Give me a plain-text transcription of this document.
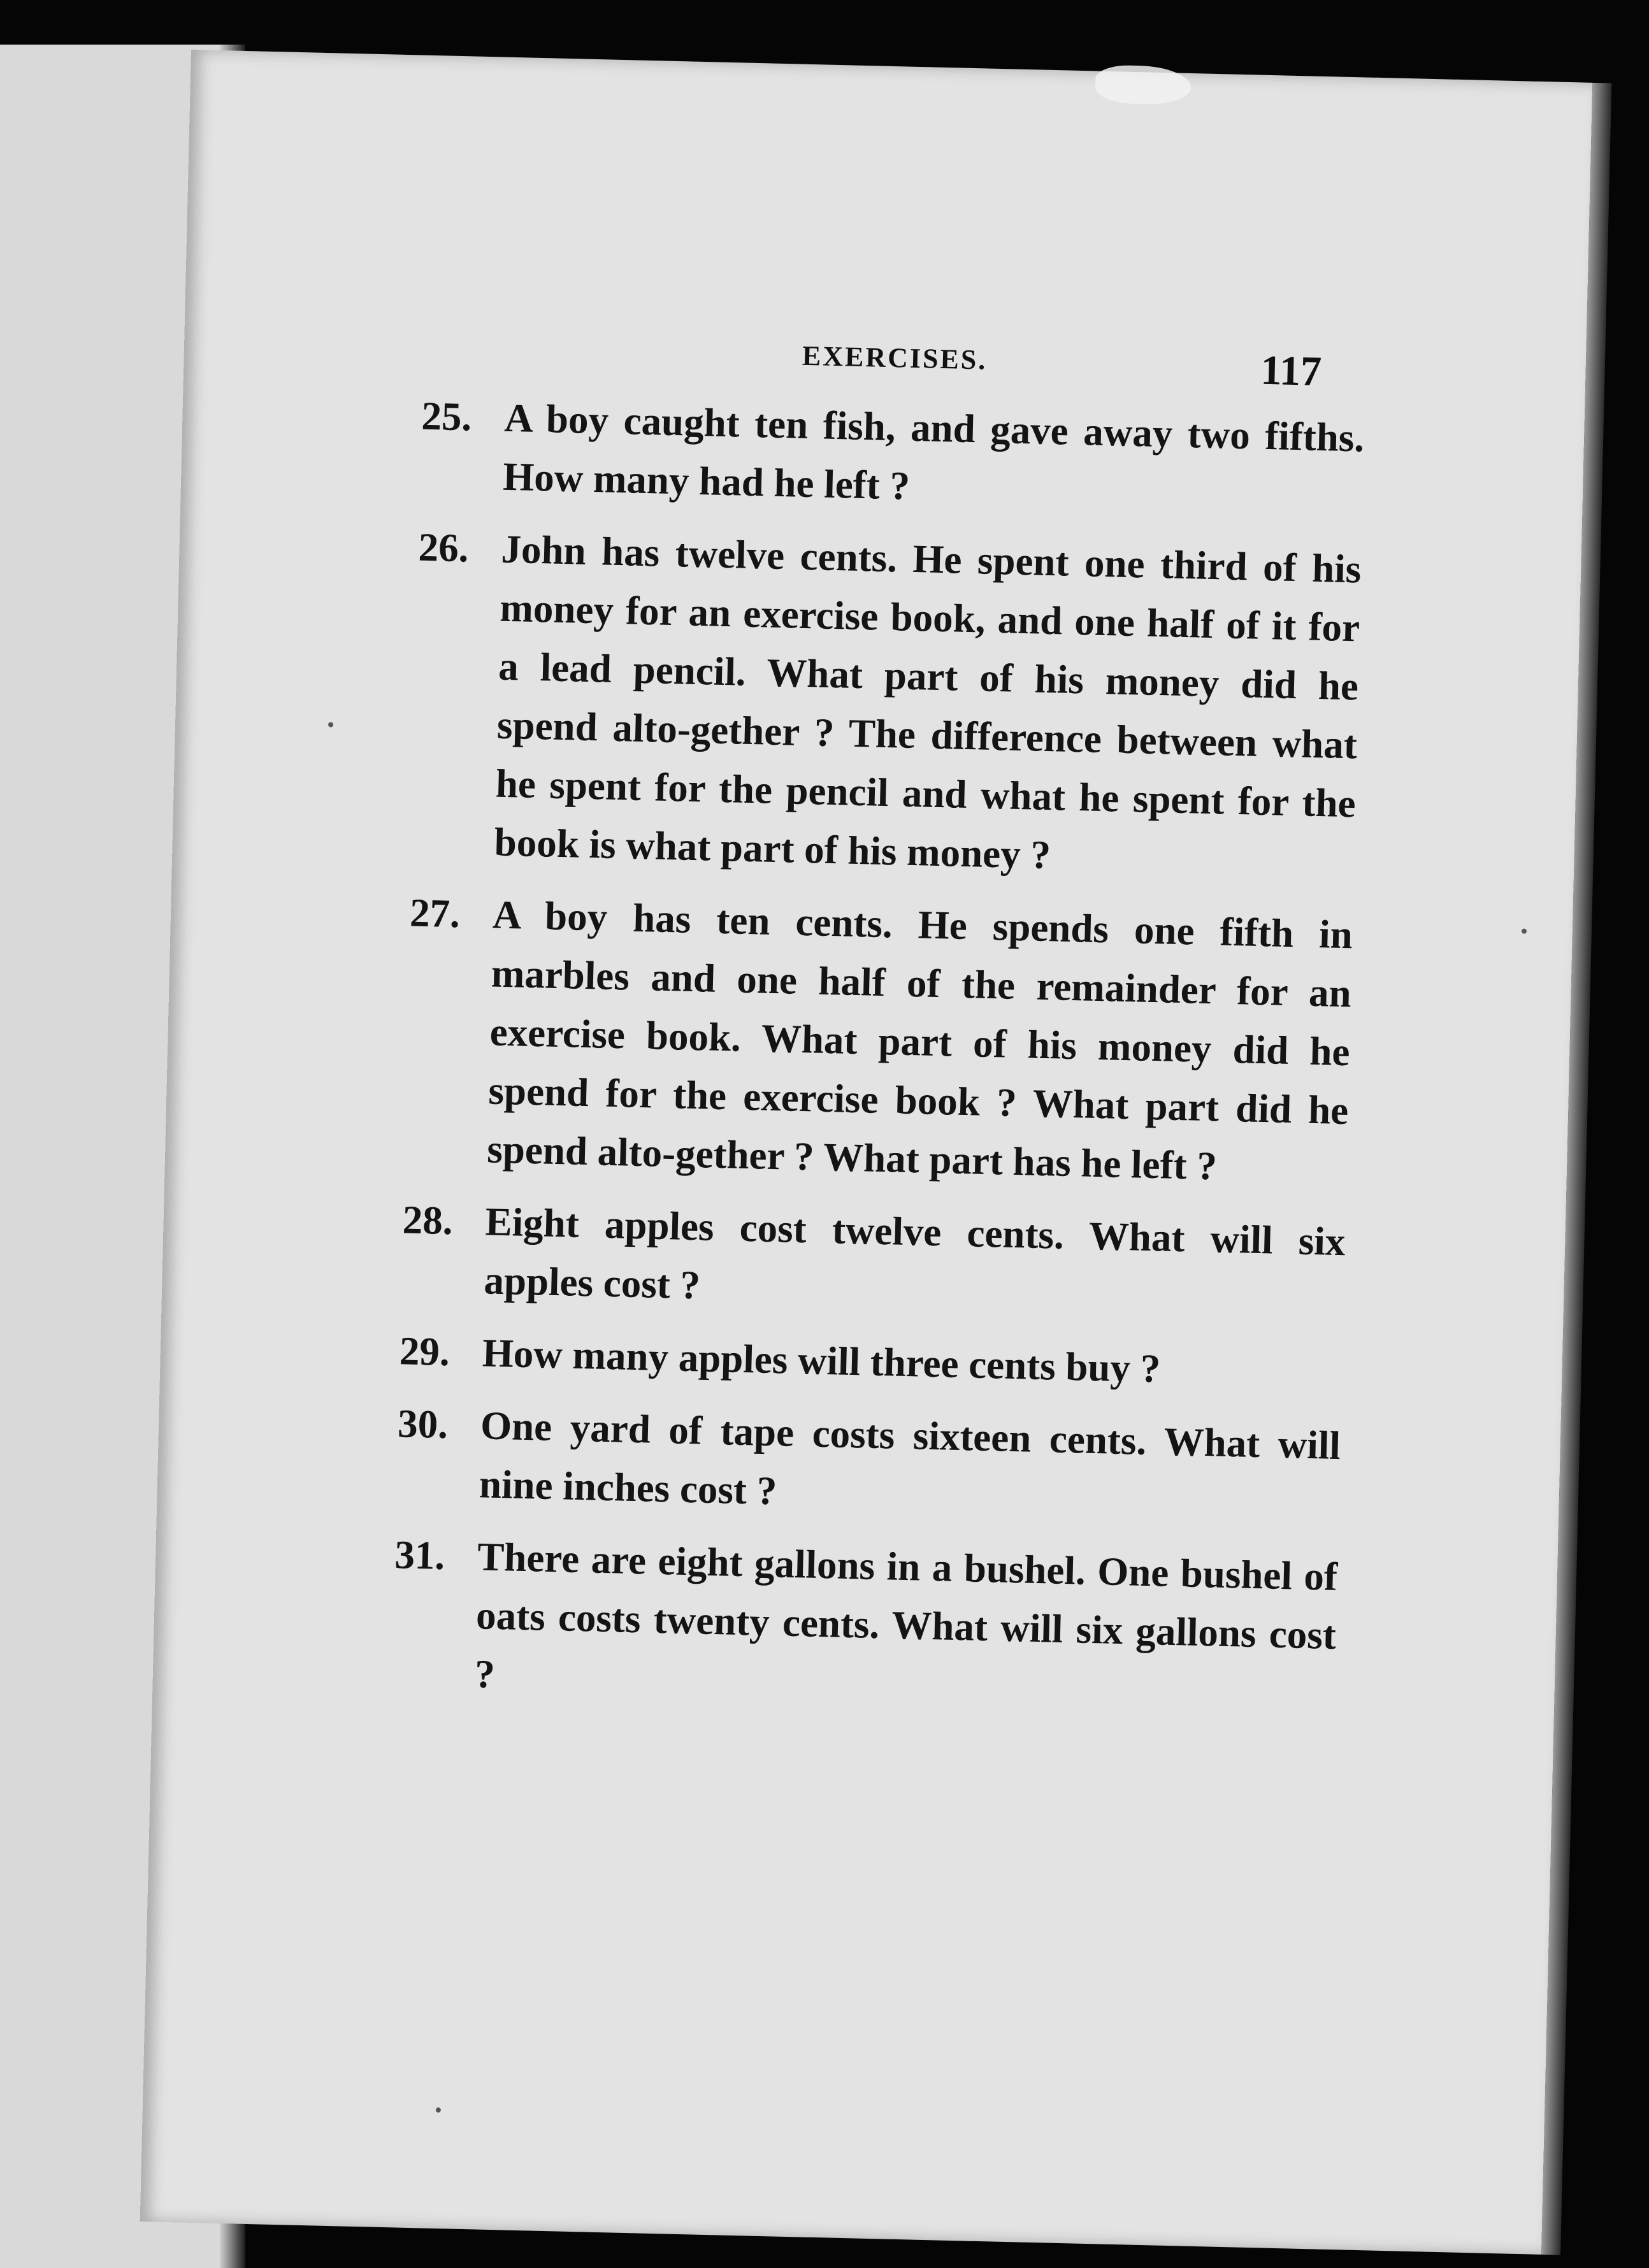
EXERCISES.	117
25. A boy caught ten fish, and gave away two fifths. How many had he left ?
26. John has twelve cents. He spent one third of his money for an exercise book, and one half of it for a lead pencil. What part of his money did he spend alto-gether ? The difference between what he spent for the pencil and what he spent for the book is what part of his money ?
27. A boy has ten cents. He spends one fifth in marbles and one half of the remainder for an exercise book. What part of his money did he spend for the exercise book ? What part did he spend alto-gether ? What part has he left ?
28. Eight apples cost twelve cents. What will six apples cost ?
29. How many apples will three cents buy ?
30. One yard of tape costs sixteen cents. What will nine inches cost ?
31. There are eight gallons in a bushel. One bushel of oats costs twenty cents. What will six gallons cost ?
